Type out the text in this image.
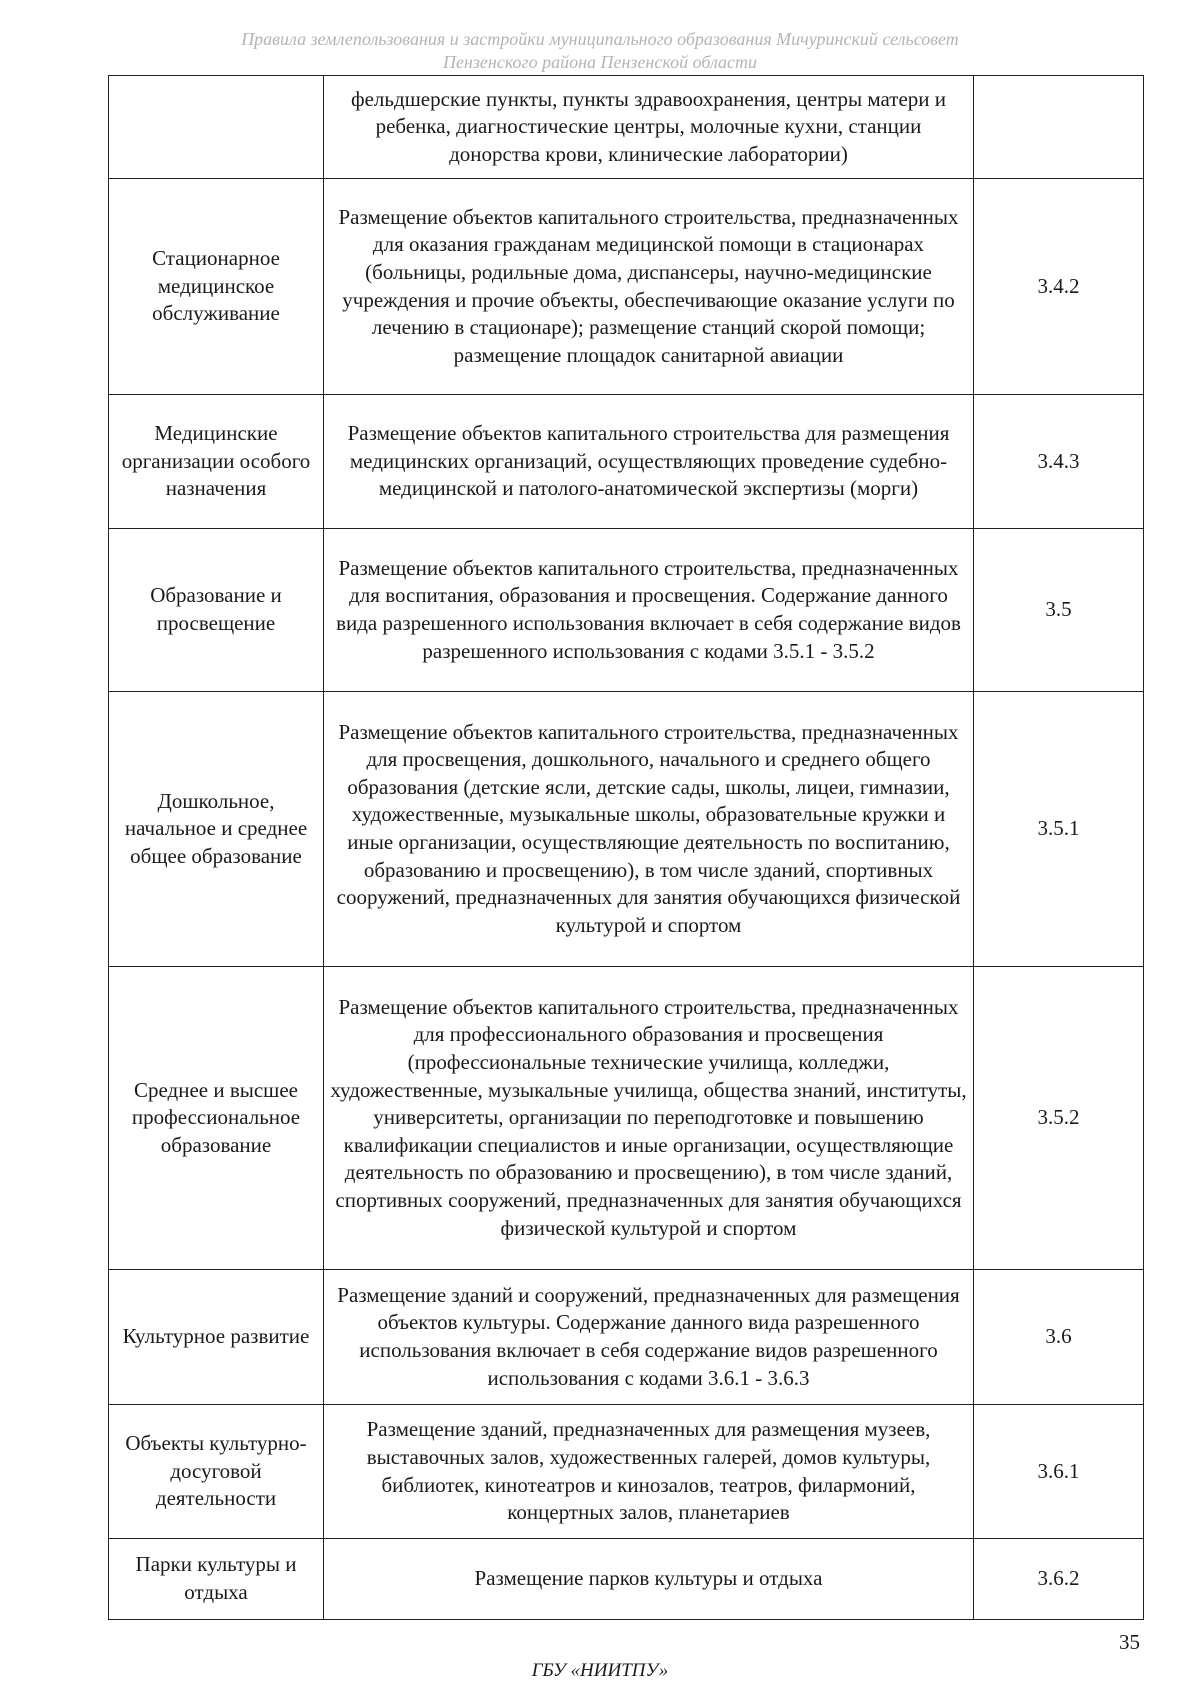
Правила землепользования и застройки муниципального образования Мичуринский сельсовет
Пензенского района Пензенской области
	фельдшерские пункты, пункты здравоохранения, центры матери и ребенка, диагностические центры, молочные кухни, станции донорства крови, клинические лаборатории)	
Стационарное медицинское обслуживание	Размещение объектов капитального строительства, предназначенных для оказания гражданам медицинской помощи в стационарах (больницы, родильные дома, диспансеры, научно-медицинские учреждения и прочие объекты, обеспечивающие оказание услуги по лечению в стационаре); размещение станций скорой помощи; размещение площадок санитарной авиации	3.4.2
Медицинские организации особого назначения	Размещение объектов капитального строительства для размещения медицинских организаций, осуществляющих проведение судебно-медицинской и патолого-анатомической экспертизы (морги)	3.4.3
Образование и просвещение	Размещение объектов капитального строительства, предназначенных для воспитания, образования и просвещения. Содержание данного вида разрешенного использования включает в себя содержание видов разрешенного использования с кодами 3.5.1 - 3.5.2	3.5
Дошкольное, начальное и среднее общее образование	Размещение объектов капитального строительства, предназначенных для просвещения, дошкольного, начального и среднего общего образования (детские ясли, детские сады, школы, лицеи, гимназии, художественные, музыкальные школы, образовательные кружки и иные организации, осуществляющие деятельность по воспитанию, образованию и просвещению), в том числе зданий, спортивных сооружений, предназначенных для занятия обучающихся физической культурой и спортом	3.5.1
Среднее и высшее профессиональное образование	Размещение объектов капитального строительства, предназначенных для профессионального образования и просвещения (профессиональные технические училища, колледжи, художественные, музыкальные училища, общества знаний, институты, университеты, организации по переподготовке и повышению квалификации специалистов и иные организации, осуществляющие деятельность по образованию и просвещению), в том числе зданий, спортивных сооружений, предназначенных для занятия обучающихся физической культурой и спортом	3.5.2
Культурное развитие	Размещение зданий и сооружений, предназначенных для размещения объектов культуры. Содержание данного вида разрешенного использования включает в себя содержание видов разрешенного использования с кодами 3.6.1 - 3.6.3	3.6
Объекты культурно-досуговой деятельности	Размещение зданий, предназначенных для размещения музеев, выставочных залов, художественных галерей, домов культуры, библиотек, кинотеатров и кинозалов, театров, филармоний, концертных залов, планетариев	3.6.1
Парки культуры и отдыха	Размещение парков культуры и отдыха	3.6.2
35
ГБУ «НИИТПУ»
